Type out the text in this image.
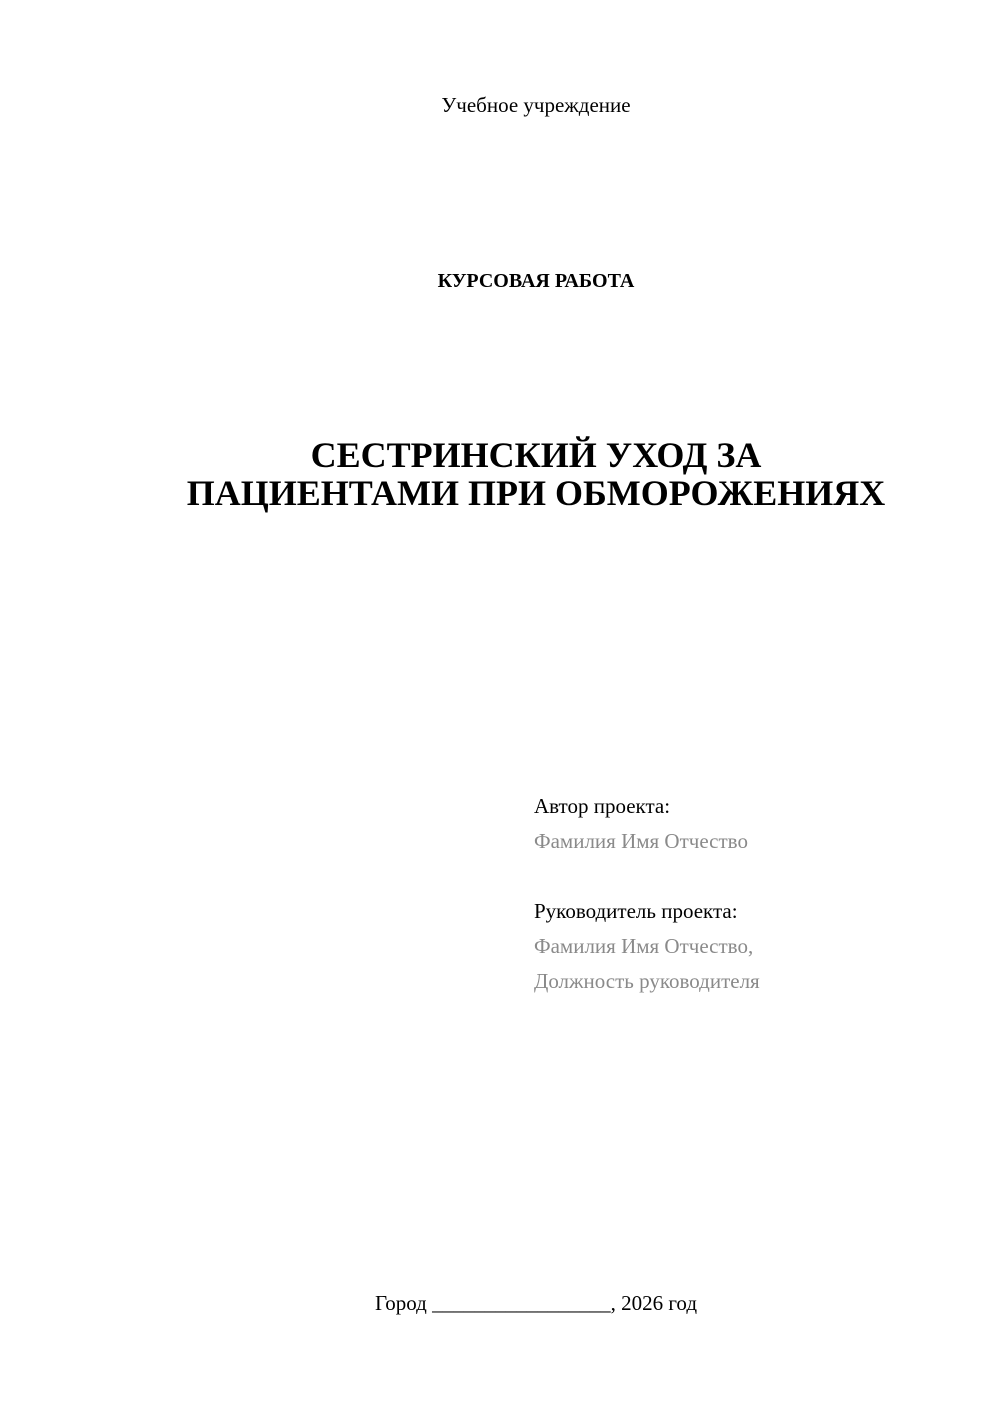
Учебное учреждение
КУРСОВАЯ РАБОТА
СЕСТРИНСКИЙ УХОД ЗА
ПАЦИЕНТАМИ ПРИ ОБМОРОЖЕНИЯХ
Автор проекта:
Фамилия Имя Отчество
Руководитель проекта:
Фамилия Имя Отчество,
Должность руководителя
Город _________________, 2026 год
